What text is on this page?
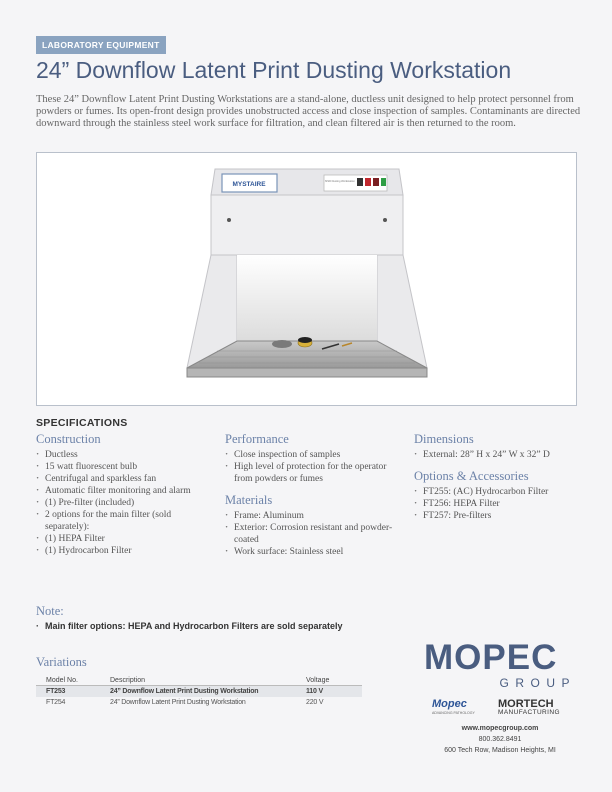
LABORATORY EQUIPMENT
24” Downflow Latent Print Dusting Workstation
These 24” Downflow Latent Print Dusting Workstations are a stand-alone, ductless unit designed to help protect personnel from powders or fumes. Its open-front design provides unobstructed access and close inspection of samples. Contaminants are directed downward through the stainless steel work surface for filtration, and clean filtered air is then returned to the room.
MYSTAIRE	MSD Dusting Workstation
SPECIFICATIONS
Construction
· Ductless
· 15 watt fluorescent bulb
· Centrifugal and sparkless fan
· Automatic filter monitoring and alarm
· (1) Pre-filter (included)
· 2 options for the main filter (sold separately):
· (1) HEPA Filter
· (1) Hydrocarbon Filter
Performance
· Close inspection of samples
· High level of protection for the operator from powders or fumes
Materials
· Frame: Aluminum
· Exterior: Corrosion resistant and powder-coated
· Work surface: Stainless steel
Dimensions
· External: 28” H x 24” W x 32” D
Options & Accessories
· FT255: (AC) Hydrocarbon Filter
· FT256: HEPA Filter
· FT257: Pre-filters
Note:
· Main filter options: HEPA and Hydrocarbon Filters are sold separately
Variations
Model No.	Description	Voltage
FT253	24” Downflow Latent Print Dusting Workstation	110 V
FT254	24” Downflow Latent Print Dusting Workstation	220 V
MOPEC
GROUP
Mopec
ADVANCING PATHOLOGY
MORTECH
MANUFACTURING
www.mopecgroup.com
800.362.8491
600 Tech Row, Madison Heights, MI
